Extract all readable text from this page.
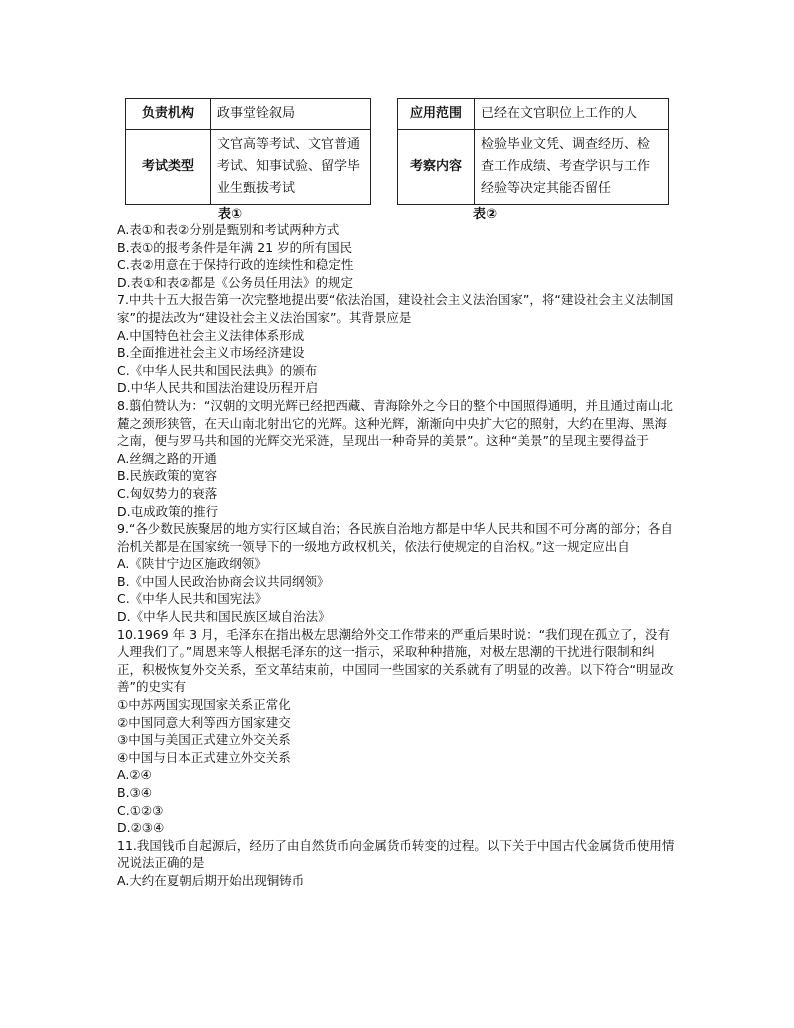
负责机构	政事堂铨叙局
考试类型	文官高等考试、文官普通考试、知事试验、留学毕业生甄拔考试
表①
应用范围	已经在文官职位上工作的人
考察内容	检验毕业文凭、调查经历、检查工作成绩、考查学识与工作经验等决定其能否留任
表②

A.表①和表②分别是甄别和考试两种方式

B.表①的报考条件是年满 21 岁的所有国民

C.表②用意在于保持行政的连续性和稳定性

D.表①和表②都是《公务员任用法》的规定

7.中共十五大报告第一次完整地提出要“依法治国，建设社会主义法治国家”，将“建设社会主义法制国家”的提法改为“建设社会主义法治国家”。其背景应是

A.中国特色社会主义法律体系形成

B.全面推进社会主义市场经济建设

C.《中华人民共和国民法典》的颁布

D.中华人民共和国法治建设历程开启

8.翦伯赞认为：“汉朝的文明光辉已经把西藏、青海除外之今日的整个中国照得通明，并且通过南山北麓之颈形狭管，在天山南北射出它的光辉。这种光辉，渐渐向中央扩大它的照射，大约在里海、黑海之南，便与罗马共和国的光辉交光采涟，呈现出一种奇异的美景”。这种“美景”的呈现主要得益于

A.丝绸之路的开通

B.民族政策的宽容

C.匈奴势力的衰落

D.屯成政策的推行

9.“各少数民族聚居的地方实行区域自治；各民族自治地方都是中华人民共和国不可分离的部分；各自治机关都是在国家统一领导下的一级地方政权机关，依法行使规定的自治权。”这一规定应出自

A.《陕甘宁边区施政纲领》

B.《中国人民政治协商会议共同纲领》

C.《中华人民共和国宪法》

D.《中华人民共和国民族区域自治法》

10.1969 年 3 月，毛泽东在指出极左思潮给外交工作带来的严重后果时说：“我们现在孤立了，没有人理我们了。”周恩来等人根据毛泽东的这一指示，采取种种措施，对极左思潮的干扰进行限制和纠正，积极恢复外交关系，至文革结束前，中国同一些国家的关系就有了明显的改善。以下符合“明显改善”的史实有

①中苏两国实现国家关系正常化

②中国同意大利等西方国家建交

③中国与美国正式建立外交关系

④中国与日本正式建立外交关系

A.②④

B.③④

C.①②③

D.②③④

11.我国钱币自起源后，经历了由自然货币向金属货币转变的过程。以下关于中国古代金属货币使用情况说法正确的是

A.大约在夏朝后期开始出现铜铸币
